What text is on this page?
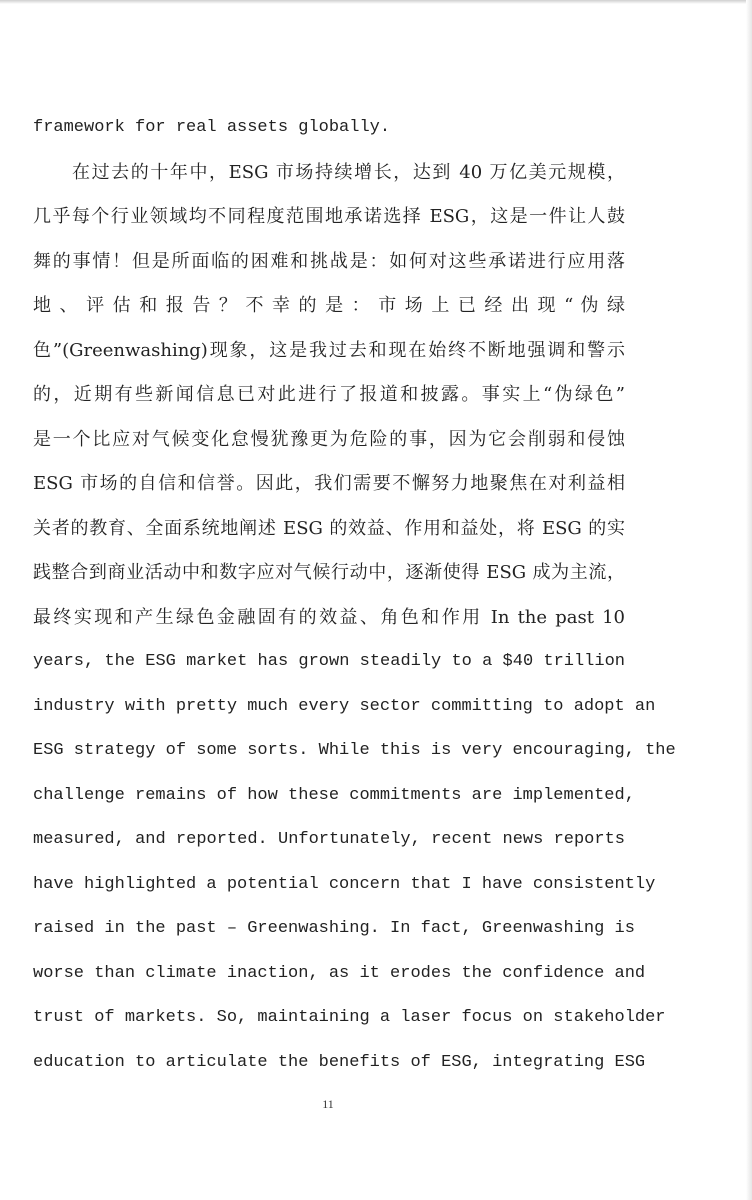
framework for real assets globally.
在过去的十年中，ESG 市场持续增长，达到 40 万亿美元规模，
几乎每个行业领域均不同程度范围地承诺选择 ESG，这是一件让人鼓
舞的事情！但是所面临的困难和挑战是：如何对这些承诺进行应用落
地 、 评 估 和 报 告 ？ 不 幸 的 是 ： 市 场 上 已 经 出 现 “ 伪 绿
色”(Greenwashing)现象，这是我过去和现在始终不断地强调和警示
的，近期有些新闻信息已对此进行了报道和披露。事实上“伪绿色”
是一个比应对气候变化怠慢犹豫更为危险的事，因为它会削弱和侵蚀
ESG 市场的自信和信誉。因此，我们需要不懈努力地聚焦在对利益相
关者的教育、全面系统地阐述 ESG 的效益、作用和益处，将 ESG 的实
践整合到商业活动中和数字应对气候行动中，逐渐使得 ESG 成为主流，
最终实现和产生绿色金融固有的效益、角色和作用 In the past 10
years, the ESG market has grown steadily to a $40 trillion
industry with pretty much every sector committing to adopt an
ESG strategy of some sorts. While this is very encouraging, the
challenge remains of how these commitments are implemented,
measured, and reported. Unfortunately, recent news reports
have highlighted a potential concern that I have consistently
raised in the past – Greenwashing. In fact, Greenwashing is
worse than climate inaction, as it erodes the confidence and
trust of markets. So, maintaining a laser focus on stakeholder
education to articulate the benefits of ESG, integrating ESG
11
